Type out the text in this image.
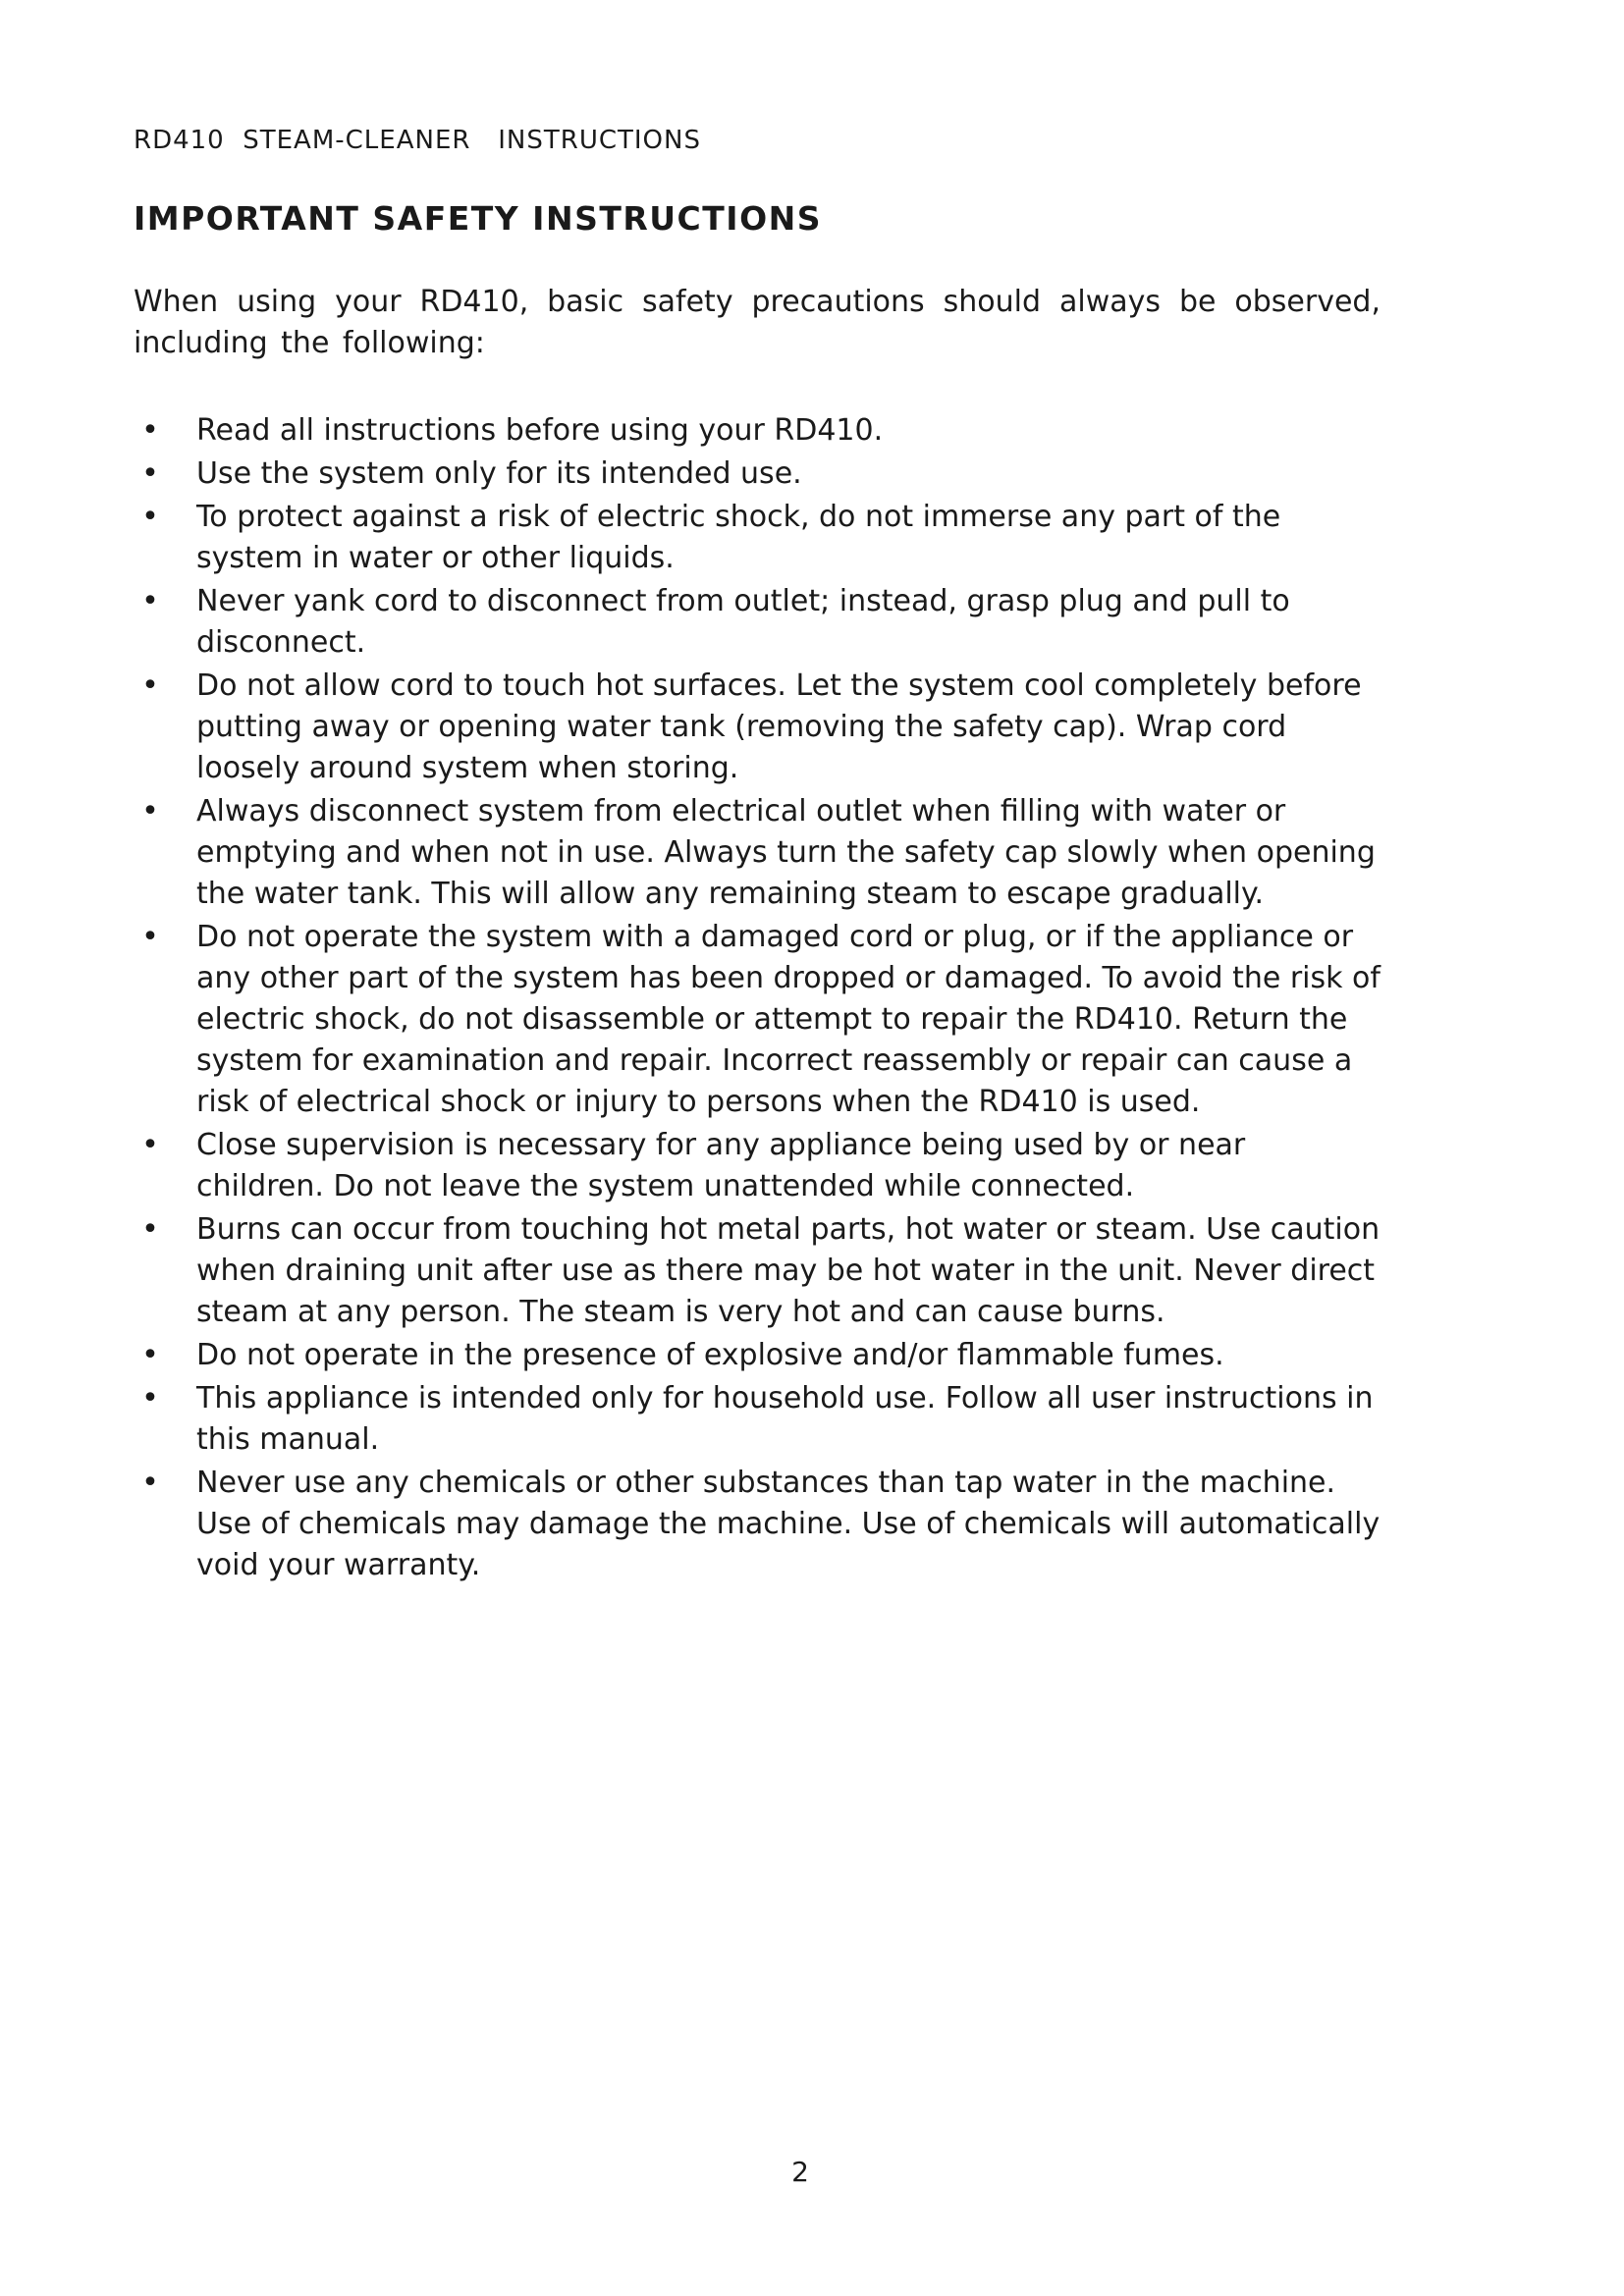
RD410  STEAM-CLEANER   INSTRUCTIONS
IMPORTANT SAFETY INSTRUCTIONS

When using your RD410, basic safety precautions should always be observed, including the following:

• Read all instructions before using your RD410.
• Use the system only for its intended use.
• To protect against a risk of electric shock, do not immerse any part of the system in water or other liquids.
• Never yank cord to disconnect from outlet; instead, grasp plug and pull to disconnect.
• Do not allow cord to touch hot surfaces. Let the system cool completely before putting away or opening water tank (removing the safety cap). Wrap cord loosely around system when storing.
• Always disconnect system from electrical outlet when filling with water or emptying and when not in use. Always turn the safety cap slowly when opening the water tank. This will allow any remaining steam to escape gradually.
• Do not operate the system with a damaged cord or plug, or if the appliance or any other part of the system has been dropped or damaged. To avoid the risk of electric shock, do not disassemble or attempt to repair the RD410. Return the system for examination and repair. Incorrect reassembly or repair can cause a risk of electrical shock or injury to persons when the RD410 is used.
• Close supervision is necessary for any appliance being used by or near children. Do not leave the system unattended while connected.
• Burns can occur from touching hot metal parts, hot water or steam. Use caution when draining unit after use as there may be hot water in the unit. Never direct steam at any person. The steam is very hot and can cause burns.
• Do not operate in the presence of explosive and/or flammable fumes.
• This appliance is intended only for household use. Follow all user instructions in this manual.
• Never use any chemicals or other substances than tap water in the machine. Use of chemicals may damage the machine. Use of chemicals will automatically void your warranty.
2
